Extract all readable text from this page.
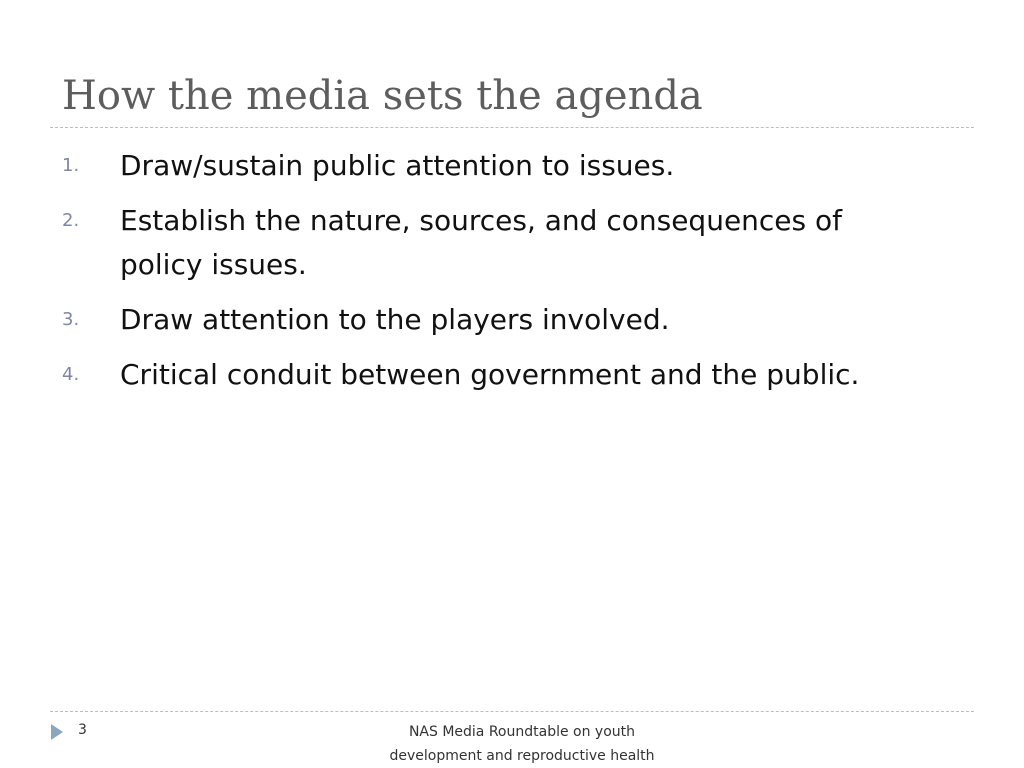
How the media sets the agenda
1.	Draw/sustain public attention to issues.
2.	Establish the nature, sources, and consequences of policy issues.
3.	Draw attention to the players involved.
4.	Critical conduit between government and the public.
3	NAS Media Roundtable on youth
development and reproductive health
